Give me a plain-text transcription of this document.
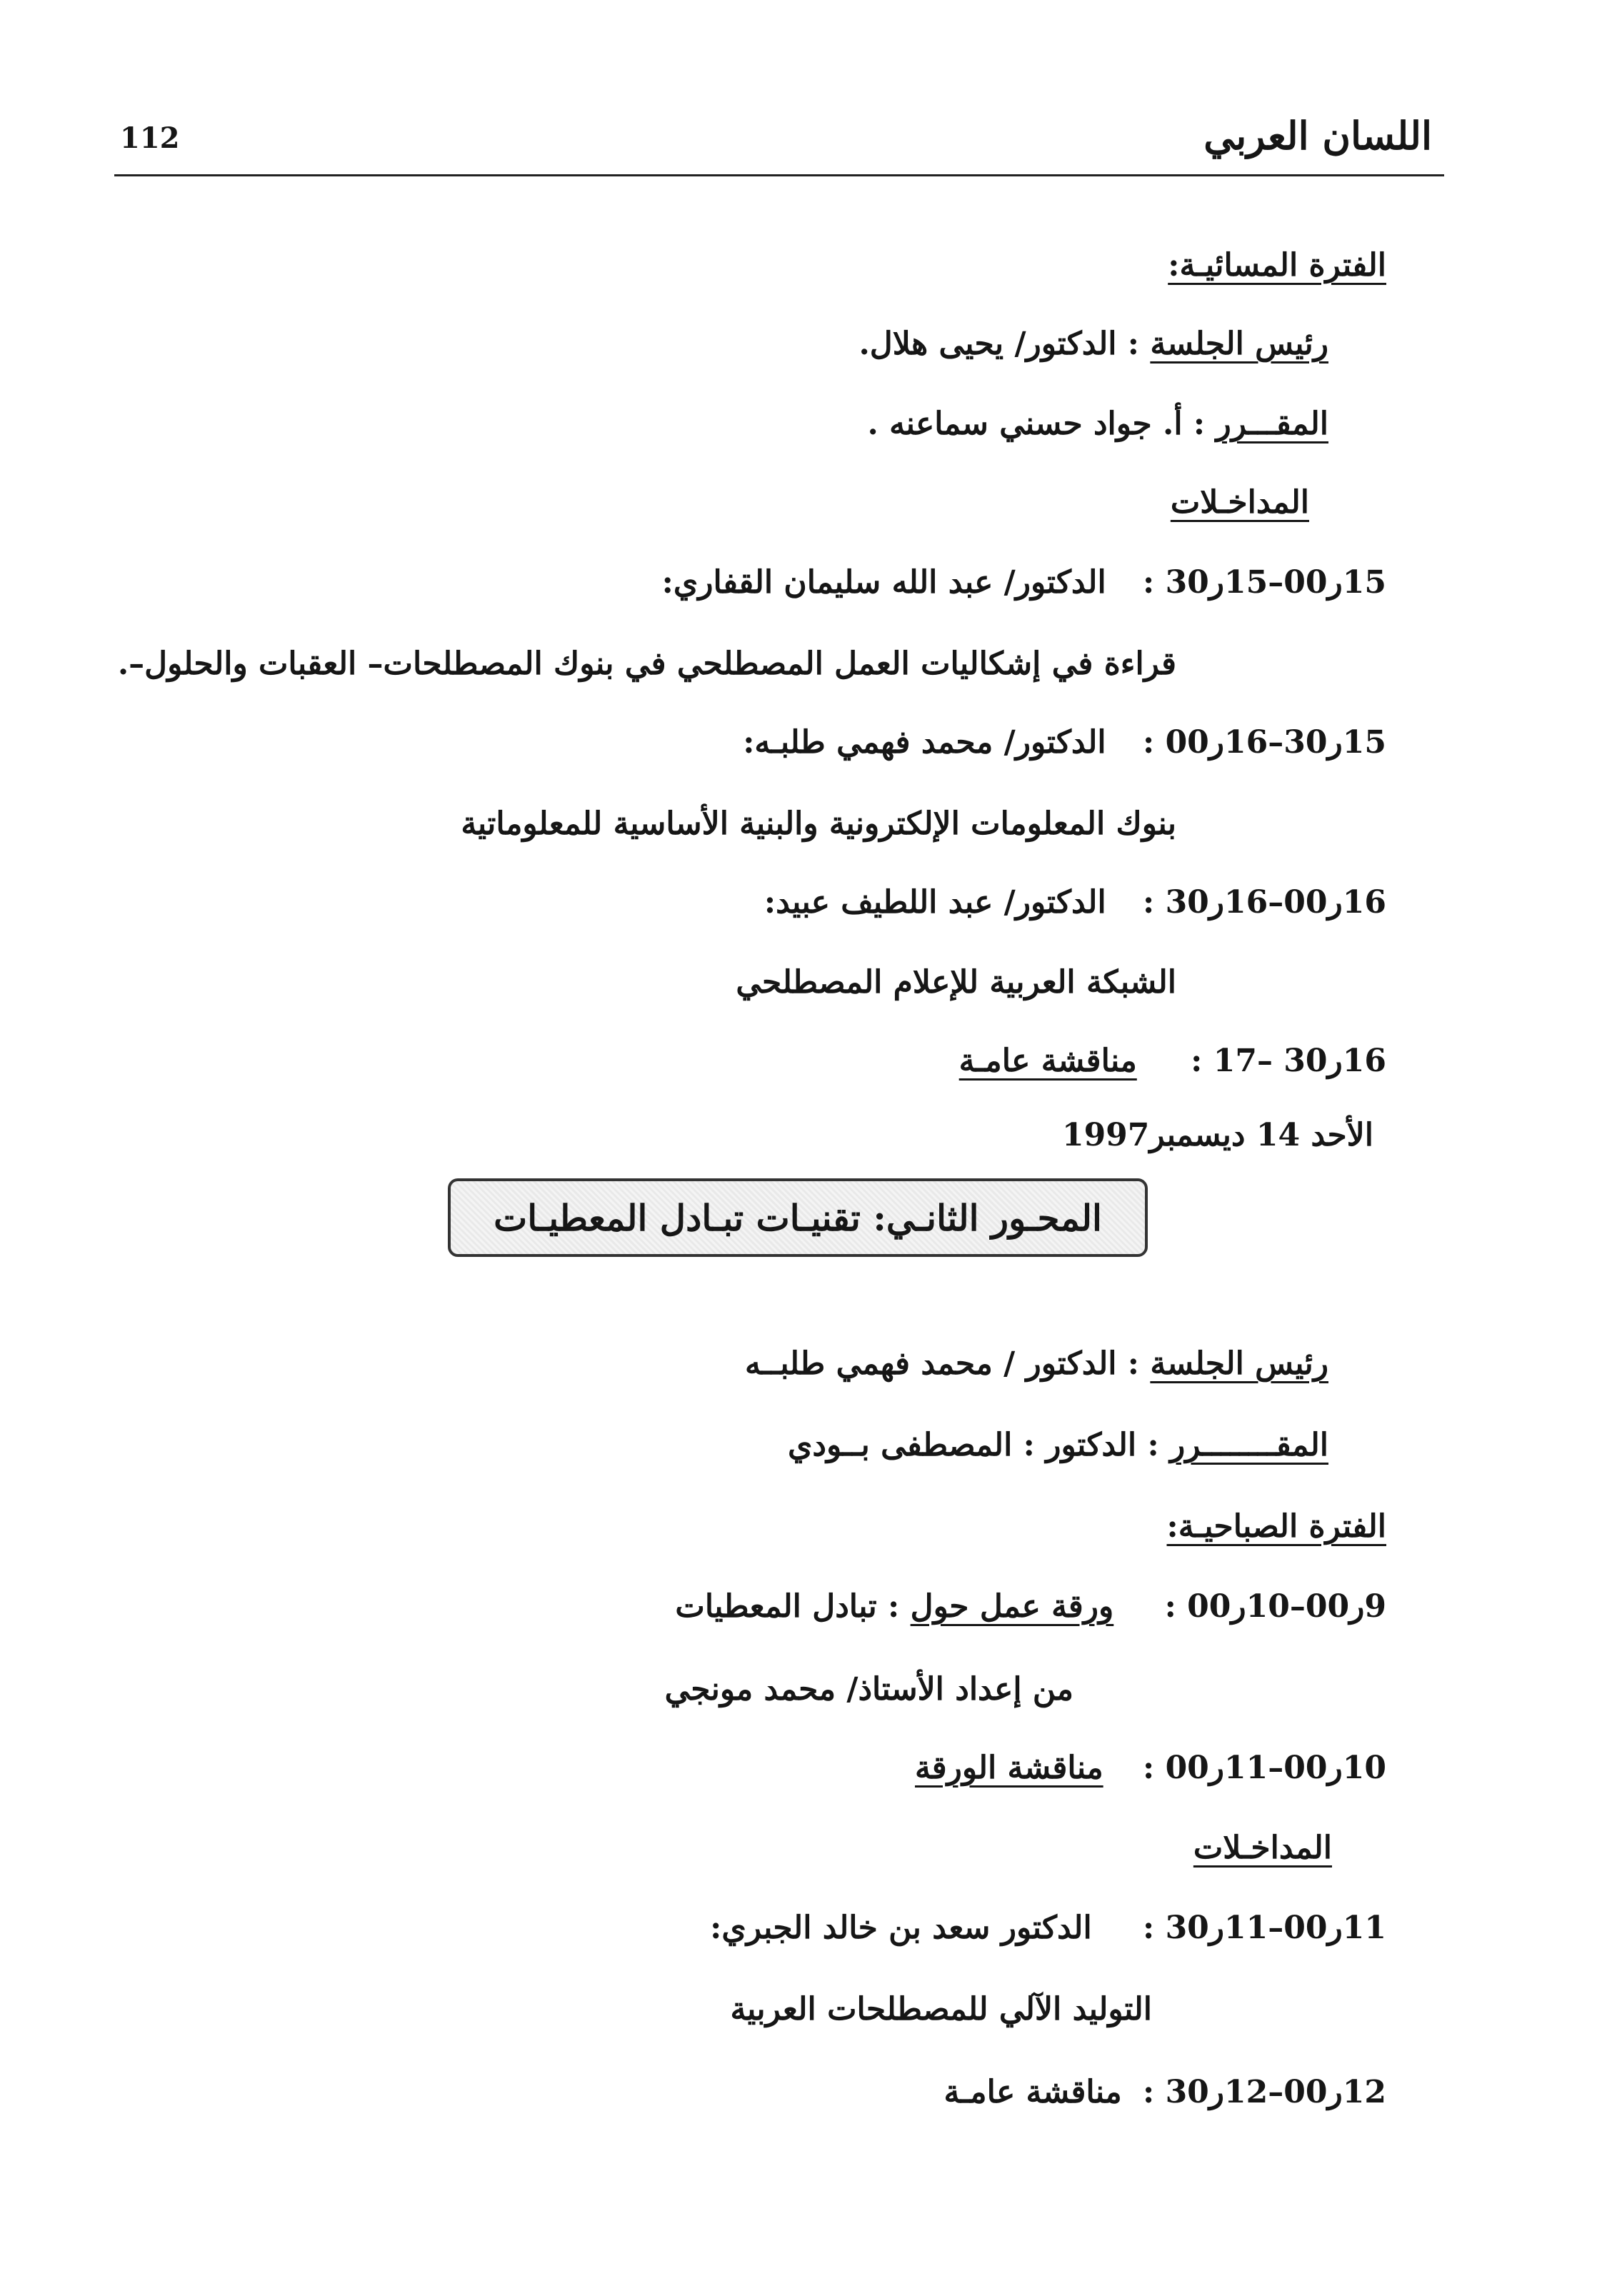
112	اللسان العربي
الفترة المسائيـة:
رئيس الجلسة : الدكتور/ يحيى هلال.
المقـــرر : أ. جواد حسني سماعنه .
المداخـلات
15ر00–15ر30 : الدكتور/ عبد الله سليمان القفاري:
قراءة في إشكاليات العمل المصطلحي في بنوك المصطلحات– العقبات والحلول–.
15ر30–16ر00 : الدكتور/ محمد فهمي طلبـه:
بنوك المعلومات الإلكترونية والبنية الأساسية للمعلوماتية
16ر00–16ر30 : الدكتور/ عبد اللطيف عبيد:
الشبكة العربية للإعلام المصطلحي
16ر30 –17 : مناقشة عامـة
الأحد 14 ديسمبر1997
المحـور الثانـي: تقنيـات تبـادل المعطيـات
رئيس الجلسة : الدكتور / محمد فهمي طلبــه
المقــــــــرر : الدكتور : المصطفى بــودي
الفترة الصباحيـة:
9ر00–10ر00 : ورقة عمل حول : تبادل المعطيات
من إعداد الأستاذ/ محمد مونجي
10ر00–11ر00 : مناقشة الورقة
المداخـلات
11ر00–11ر30 : الدكتور سعد بن خالد الجبري:
التوليد الآلي للمصطلحات العربية
12ر00–12ر30 : مناقشة عامـة
